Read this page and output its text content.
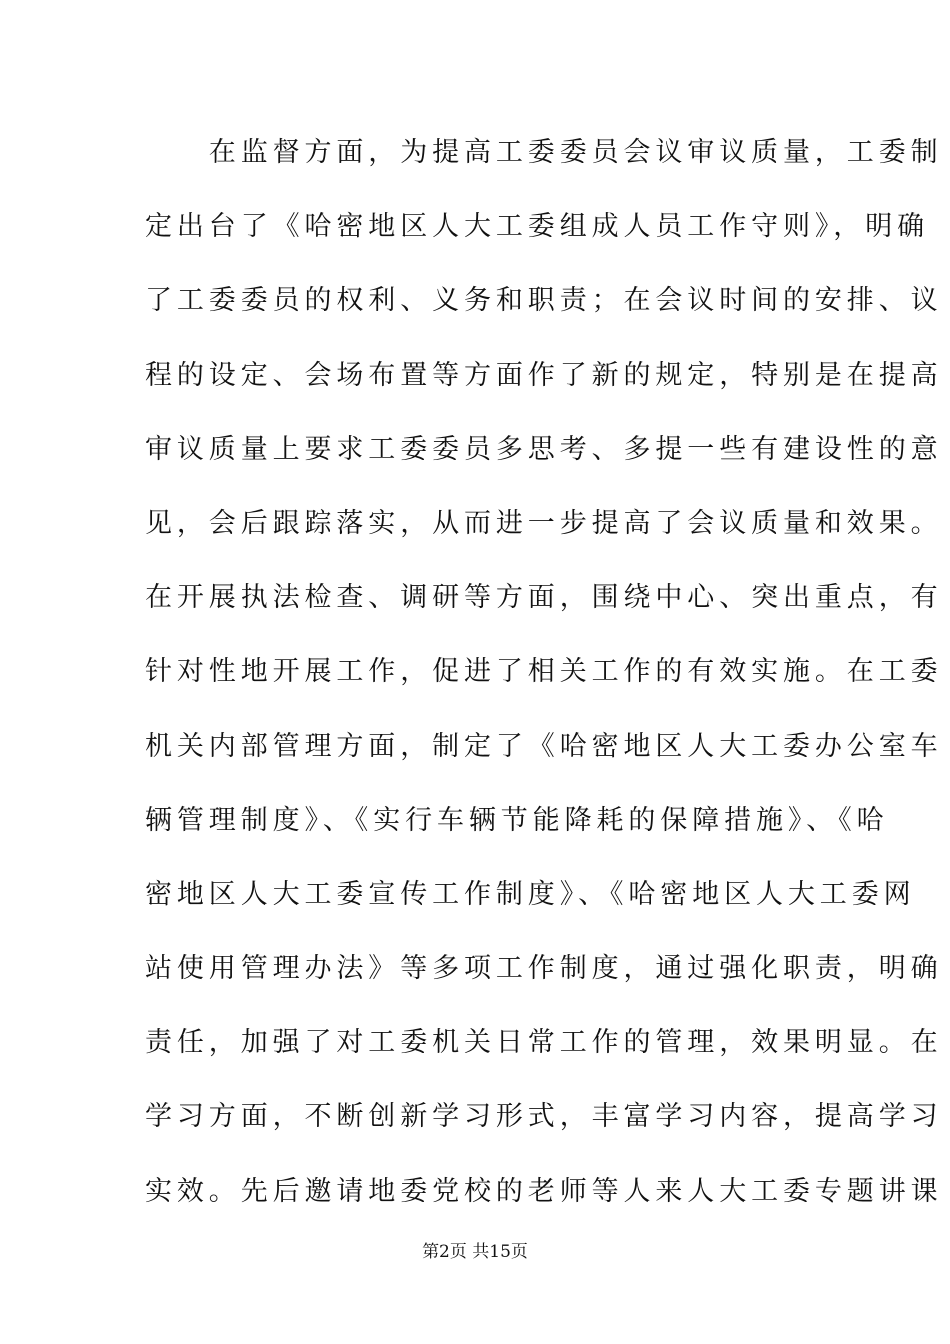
　　在监督方面，为提高工委委员会议审议质量，工委制
定出台了《哈密地区人大工委组成人员工作守则》，明确
了工委委员的权利、义务和职责；在会议时间的安排、议
程的设定、会场布置等方面作了新的规定，特别是在提高
审议质量上要求工委委员多思考、多提一些有建设性的意
见，会后跟踪落实，从而进一步提高了会议质量和效果。
在开展执法检查、调研等方面，围绕中心、突出重点，有
针对性地开展工作，促进了相关工作的有效实施。在工委
机关内部管理方面，制定了《哈密地区人大工委办公室车
辆管理制度》、《实行车辆节能降耗的保障措施》、《哈
密地区人大工委宣传工作制度》、《哈密地区人大工委网
站使用管理办法》等多项工作制度，通过强化职责，明确
责任，加强了对工委机关日常工作的管理，效果明显。在
学习方面，不断创新学习形式，丰富学习内容，提高学习
实效。先后邀请地委党校的老师等人来人大工委专题讲课
第2页 共15页
